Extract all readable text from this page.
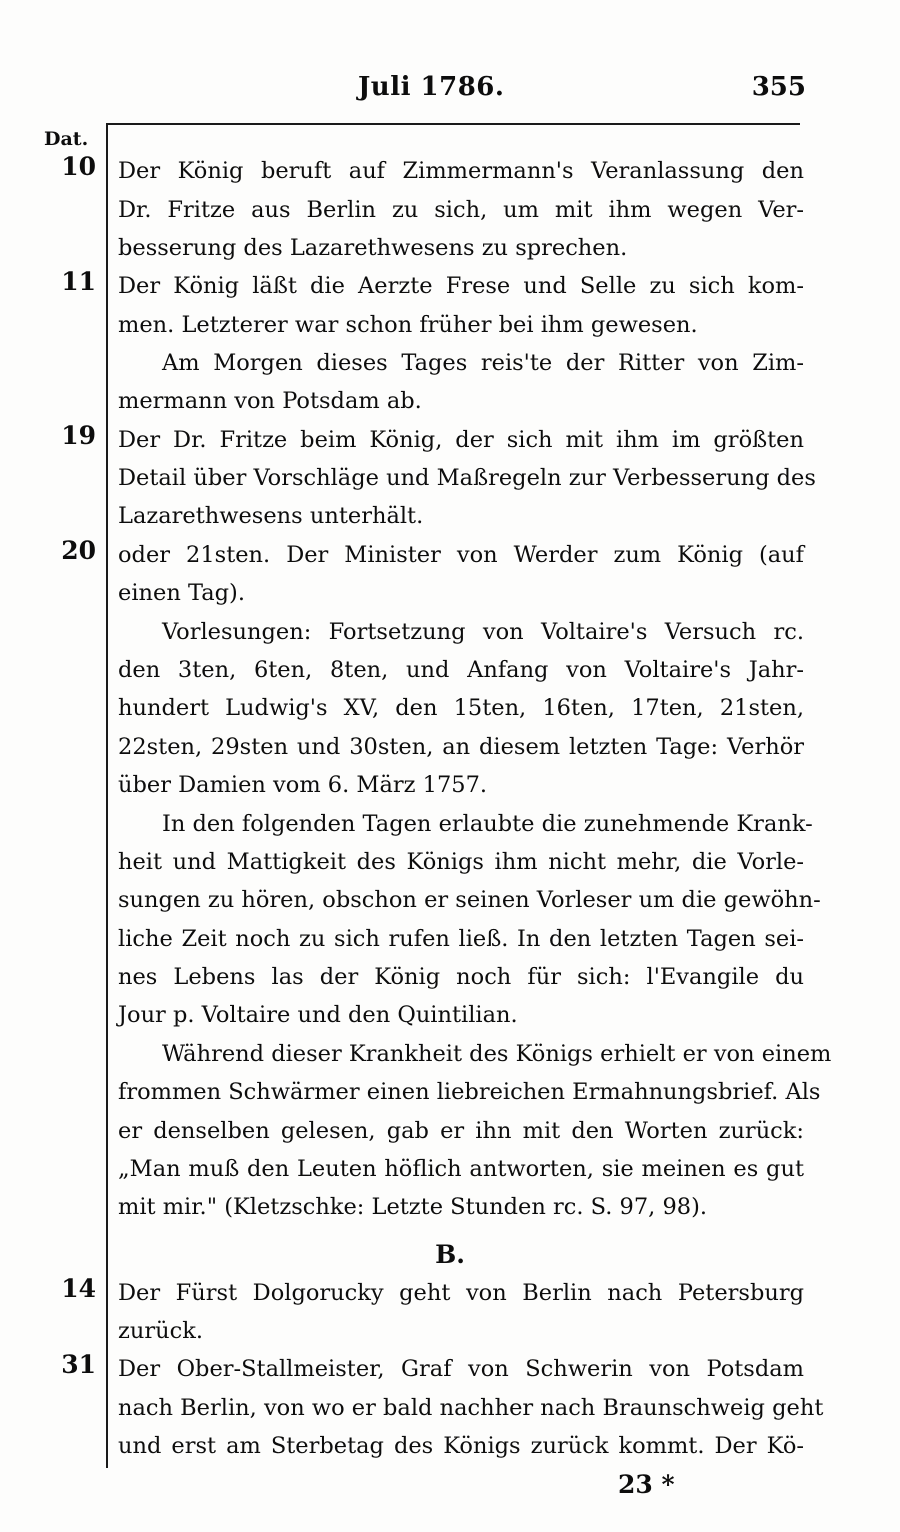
Juli 1786.	355
Dat.
10 Der König beruft auf Zimmermann's Veranlassung den
Dr. Fritze aus Berlin zu sich, um mit ihm wegen Ver-
besserung des Lazarethwesens zu sprechen.
11 Der König läßt die Aerzte Frese und Selle zu sich kom-
men. Letzterer war schon früher bei ihm gewesen.
Am Morgen dieses Tages reis'te der Ritter von Zim-
mermann von Potsdam ab.
19 Der Dr. Fritze beim König, der sich mit ihm im größten
Detail über Vorschläge und Maßregeln zur Verbesserung des
Lazarethwesens unterhält.
20 oder 21sten. Der Minister von Werder zum König (auf
einen Tag).
Vorlesungen: Fortsetzung von Voltaire's Versuch rc.
den 3ten, 6ten, 8ten, und Anfang von Voltaire's Jahr-
hundert Ludwig's XV, den 15ten, 16ten, 17ten, 21sten,
22sten, 29sten und 30sten, an diesem letzten Tage: Verhör
über Damien vom 6. März 1757.
In den folgenden Tagen erlaubte die zunehmende Krank-
heit und Mattigkeit des Königs ihm nicht mehr, die Vorle-
sungen zu hören, obschon er seinen Vorleser um die gewöhn-
liche Zeit noch zu sich rufen ließ. In den letzten Tagen sei-
nes Lebens las der König noch für sich: l'Evangile du
Jour p. Voltaire und den Quintilian.
Während dieser Krankheit des Königs erhielt er von einem
frommen Schwärmer einen liebreichen Ermahnungsbrief. Als
er denselben gelesen, gab er ihn mit den Worten zurück:
„Man muß den Leuten höflich antworten, sie meinen es gut
mit mir." (Kletzschke: Letzte Stunden rc. S. 97, 98).
B.
14 Der Fürst Dolgorucky geht von Berlin nach Petersburg
zurück.
31 Der Ober-Stallmeister, Graf von Schwerin von Potsdam
nach Berlin, von wo er bald nachher nach Braunschweig geht
und erst am Sterbetag des Königs zurück kommt. Der Kö-
23 *
